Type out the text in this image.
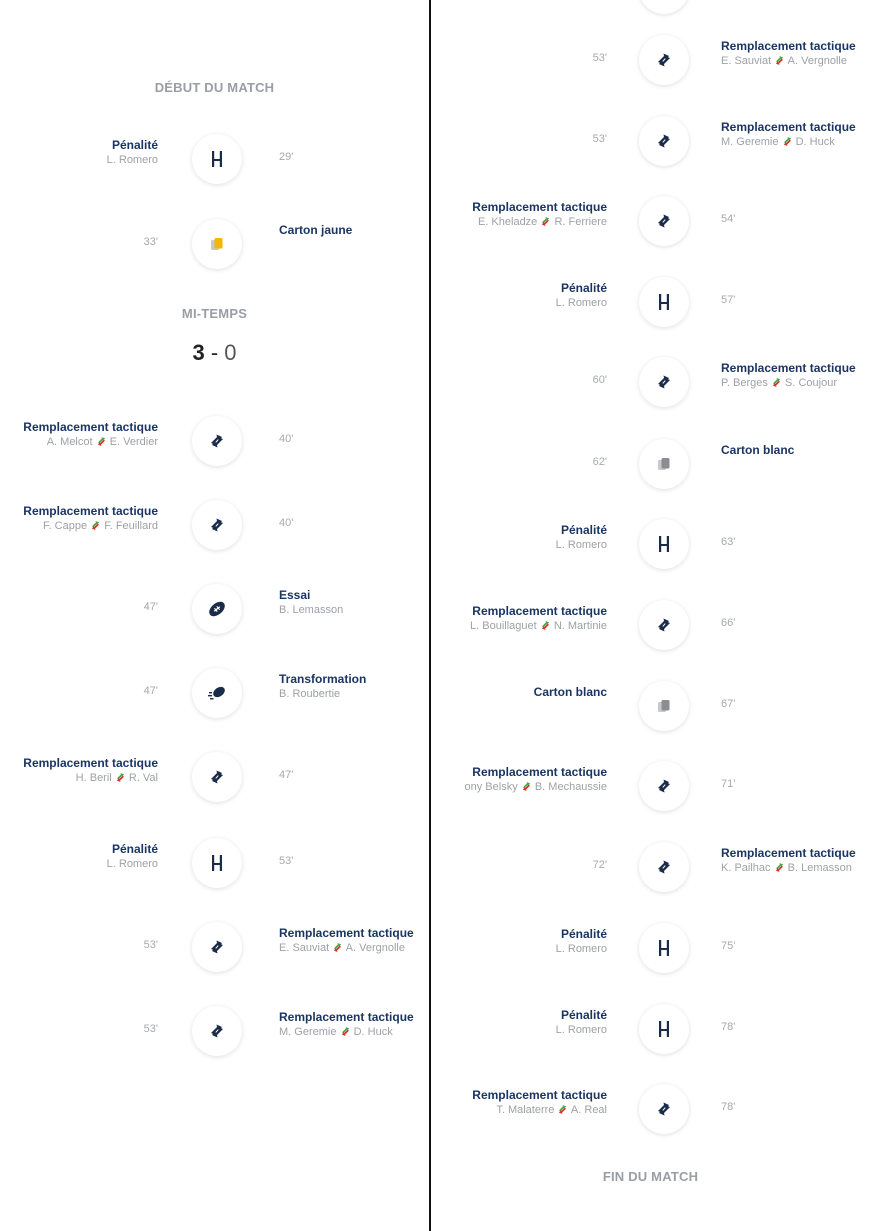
DÉBUT DU MATCH
MI-TEMPS
3 - 0
Pénalité
L. Romero	29'
33'
Carton jaune
Remplacement tactique
A. Melcot E. Verdier	40'
Remplacement tactique
F. Cappe F. Feuillard	40'
47'
Essai
B. Lemasson
47'
Transformation
B. Roubertie
Remplacement tactique
H. Beril R. Val	47'
Pénalité
L. Romero	53'
53'
Remplacement tactique
E. Sauviat A. Vergnolle
53'
Remplacement tactique
M. Geremie D. Huck
FIN DU MATCH
53'
Remplacement tactique
E. Sauviat A. Vergnolle
53'
Remplacement tactique
M. Geremie D. Huck
Remplacement tactique
E. Kheladze R. Ferriere	54'
Pénalité
L. Romero	57'
60'
Remplacement tactique
P. Berges S. Coujour
62'
Carton blanc
Pénalité
L. Romero	63'
Remplacement tactique
L. Bouillaguet N. Martinie	66'
Carton blanc
67'
Remplacement tactique
ony Belsky B. Mechaussie	71'
72'
Remplacement tactique
K. Pailhac B. Lemasson
Pénalité
L. Romero	75'
Pénalité
L. Romero	78'
Remplacement tactique
T. Malaterre A. Real	78'
